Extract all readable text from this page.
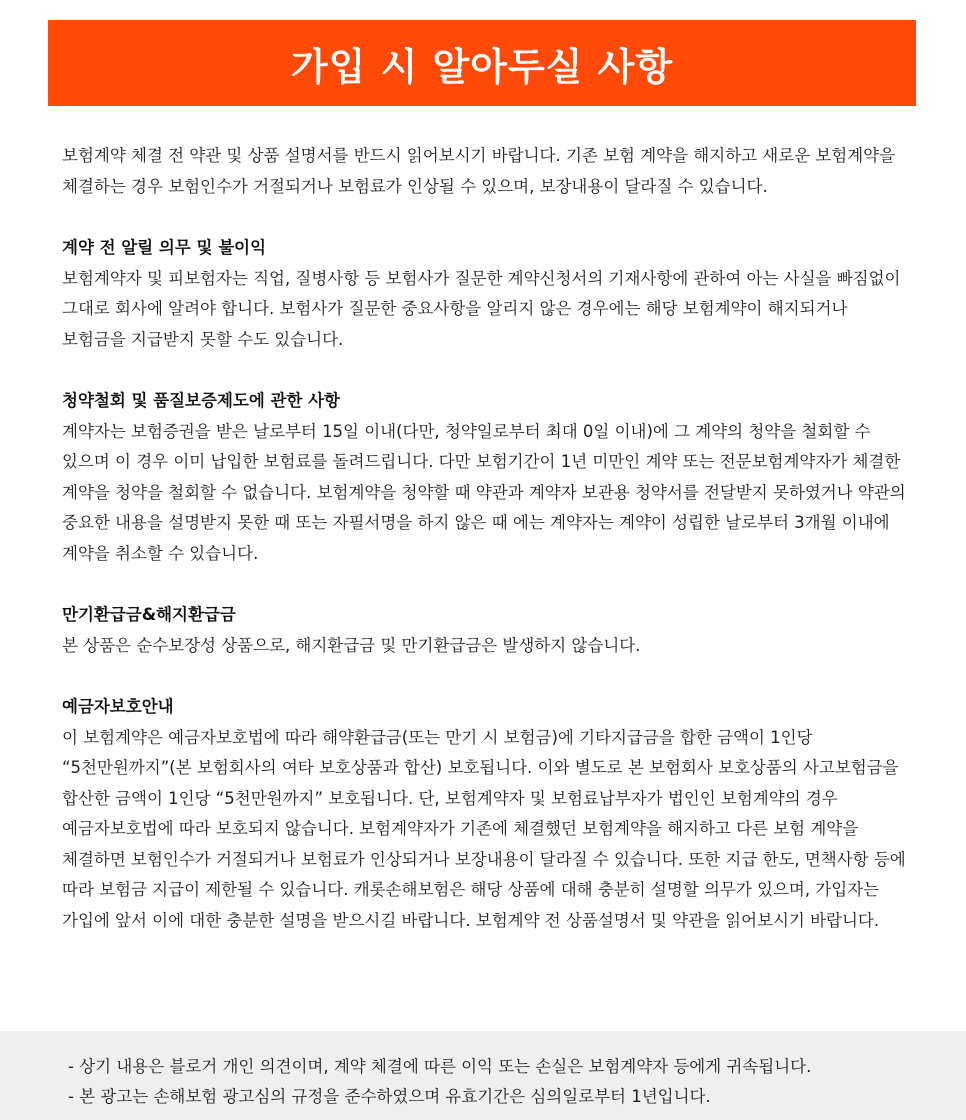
가입 시 알아두실 사항

보험계약 체결 전 약관 및 상품 설명서를 반드시 읽어보시기 바랍니다. 기존 보험 계약을 해지하고 새로운 보험계약을 체결하는 경우 보험인수가 거절되거나 보험료가 인상될 수 있으며, 보장내용이 달라질 수 있습니다.

계약 전 알릴 의무 및 불이익

보험계약자 및 피보험자는 직업, 질병사항 등 보험사가 질문한 계약신청서의 기재사항에 관하여 아는 사실을 빠짐없이 그대로 회사에 알려야 합니다. 보험사가 질문한 중요사항을 알리지 않은 경우에는 해당 보험계약이 해지되거나 보험금을 지급받지 못할 수도 있습니다.

청약철회 및 품질보증제도에 관한 사항

계약자는 보험증권을 받은 날로부터 15일 이내(다만, 청약일로부터 최대 0일 이내)에 그 계약의 청약을 철회할 수 있으며 이 경우 이미 납입한 보험료를 돌려드립니다. 다만 보험기간이 1년 미만인 계약 또는 전문보험계약자가 체결한 계약을 청약을 철회할 수 없습니다. 보험계약을 청약할 때 약관과 계약자 보관용 청약서를 전달받지 못하였거나 약관의 중요한 내용을 설명받지 못한 때 또는 자필서명을 하지 않은 때 에는 계약자는 계약이 성립한 날로부터 3개월 이내에 계약을 취소할 수 있습니다.

만기환급금&해지환급금

본 상품은 순수보장성 상품으로, 해지환급금 및 만기환급금은 발생하지 않습니다.

예금자보호안내

이 보험계약은 예금자보호법에 따라 해약환급금(또는 만기 시 보험금)에 기타지급금을 합한 금액이 1인당 “5천만원까지”(본 보험회사의 여타 보호상품과 합산) 보호됩니다. 이와 별도로 본 보험회사 보호상품의 사고보험금을 합산한 금액이 1인당 “5천만원까지” 보호됩니다. 단, 보험계약자 및 보험료납부자가 법인인 보험계약의 경우 예금자보호법에 따라 보호되지 않습니다. 보험계약자가 기존에 체결했던 보험계약을 해지하고 다른 보험 계약을 체결하면 보험인수가 거절되거나 보험료가 인상되거나 보장내용이 달라질 수 있습니다. 또한 지급 한도, 면책사항 등에 따라 보험금 지급이 제한될 수 있습니다. 캐롯손해보험은 해당 상품에 대해 충분히 설명할 의무가 있으며, 가입자는 가입에 앞서 이에 대한 충분한 설명을 받으시길 바랍니다. 보험계약 전 상품설명서 및 약관을 읽어보시기 바랍니다.

- 상기 내용은 블로거 개인 의견이며, 계약 체결에 따른 이익 또는 손실은 보험계약자 등에게 귀속됩니다.
- 본 광고는 손해보험 광고심의 규정을 준수하였으며 유효기간은 심의일로부터 1년입니다.
